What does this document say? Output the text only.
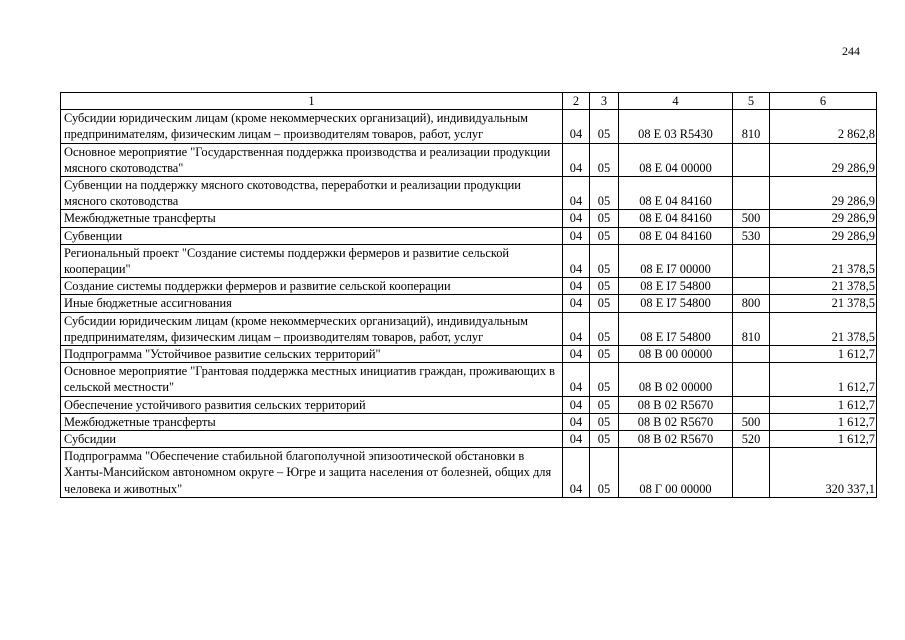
244
1	2	3	4	5	6
Субсидии юридическим лицам (кроме некоммерческих организаций), индивидуальным предпринимателям, физическим лицам – производителям товаров, работ, услуг	04	05	08 Е 03 R5430	810	2 862,8
Основное мероприятие "Государственная поддержка производства и реализации продукции мясного скотоводства"	04	05	08 Е 04 00000		29 286,9
Субвенции на поддержку мясного скотоводства, переработки и реализации продукции мясного скотоводства	04	05	08 Е 04 84160		29 286,9
Межбюджетные трансферты	04	05	08 Е 04 84160	500	29 286,9
Субвенции	04	05	08 Е 04 84160	530	29 286,9
Региональный проект "Создание системы поддержки фермеров и развитие сельской кооперации"	04	05	08 Е I7 00000		21 378,5
Создание системы поддержки фермеров и развитие сельской кооперации	04	05	08 Е I7 54800		21 378,5
Иные бюджетные ассигнования	04	05	08 Е I7 54800	800	21 378,5
Субсидии юридическим лицам (кроме некоммерческих организаций), индивидуальным предпринимателям, физическим лицам – производителям товаров, работ, услуг	04	05	08 Е I7 54800	810	21 378,5
Подпрограмма "Устойчивое развитие сельских территорий"	04	05	08 В 00 00000		1 612,7
Основное мероприятие "Грантовая поддержка местных инициатив граждан, проживающих в сельской местности"	04	05	08 В 02 00000		1 612,7
Обеспечение устойчивого развития сельских территорий	04	05	08 В 02 R5670		1 612,7
Межбюджетные трансферты	04	05	08 В 02 R5670	500	1 612,7
Субсидии	04	05	08 В 02 R5670	520	1 612,7
Подпрограмма "Обеспечение стабильной благополучной эпизоотической обстановки в Ханты-Мансийском автономном округе – Югре и защита населения от болезней, общих для человека и животных"	04	05	08 Г 00 00000		320 337,1
